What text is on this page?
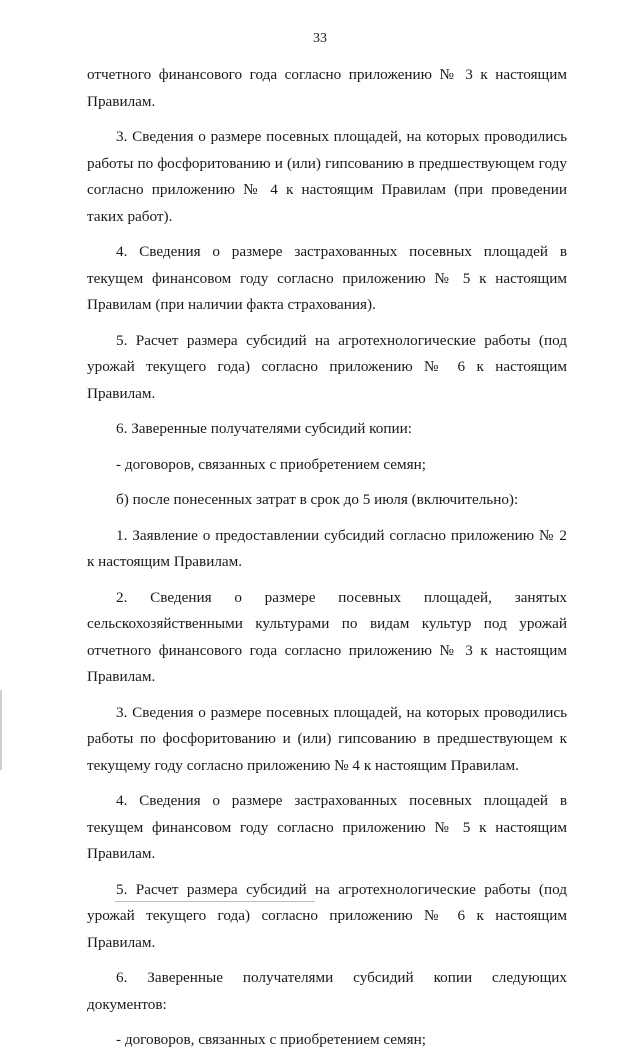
33

отчетного финансового года согласно приложению № 3 к настоящим Правилам.

3. Сведения о размере посевных площадей, на которых проводились работы по фосфоритованию и (или) гипсованию в предшествующем году согласно приложению № 4 к настоящим Правилам (при проведении таких работ).

4. Сведения о размере застрахованных посевных площадей в текущем финансовом году согласно приложению № 5 к настоящим Правилам (при наличии факта страхования).

5. Расчет размера субсидий на агротехнологические работы (под урожай текущего года) согласно приложению № 6 к настоящим Правилам.

6. Заверенные получателями субсидий копии:

- договоров, связанных с приобретением семян;

б) после понесенных затрат в срок до 5 июля (включительно):

1. Заявление о предоставлении субсидий согласно приложению № 2 к настоящим Правилам.

2. Сведения о размере посевных площадей, занятых сельскохозяйственными культурами по видам культур под урожай отчетного финансового года согласно приложению № 3 к настоящим Правилам.

3. Сведения о размере посевных площадей, на которых проводились работы по фосфоритованию и (или) гипсованию в предшествующем к текущему году согласно приложению № 4 к настоящим Правилам.

4. Сведения о размере застрахованных посевных площадей в текущем финансовом году согласно приложению № 5 к настоящим Правилам.

5. Расчет размера субсидий на агротехнологические работы (под урожай текущего года) согласно приложению № 6 к настоящим Правилам.

6. Заверенные получателями субсидий копии следующих документов:

- договоров, связанных с приобретением семян;
